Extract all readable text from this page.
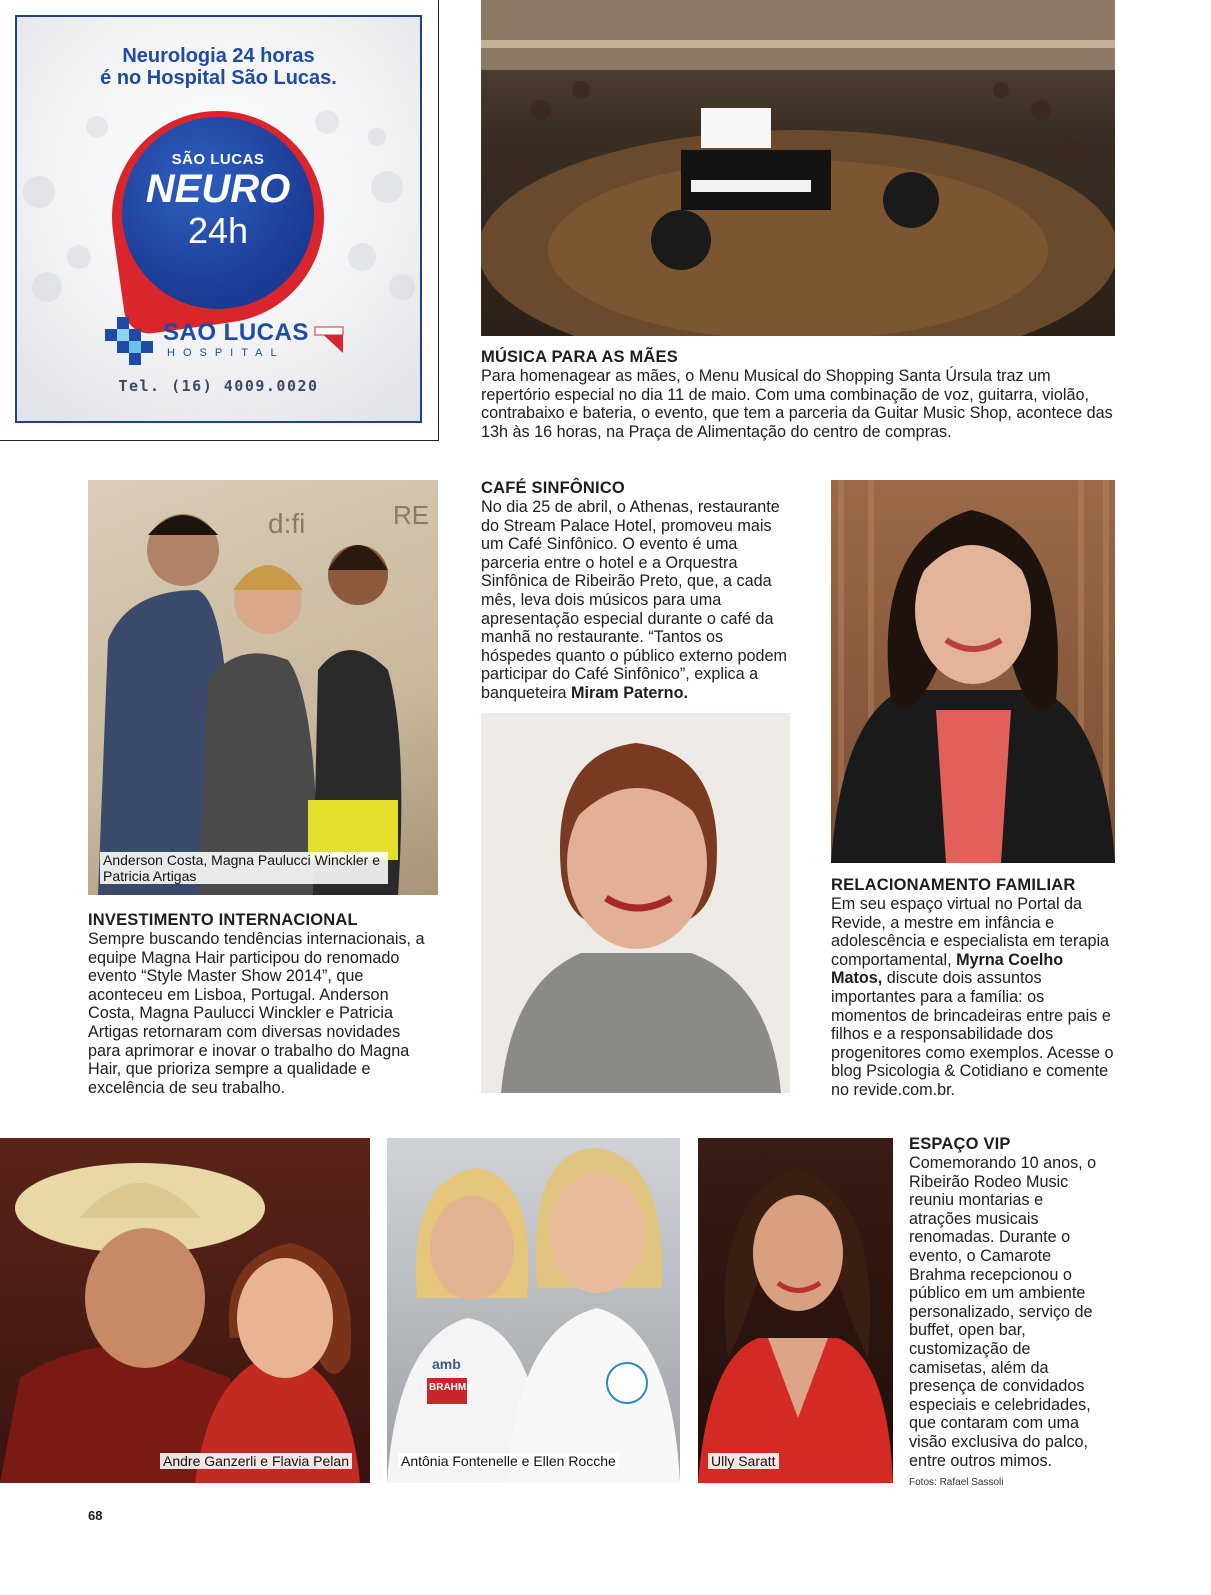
Neurologia 24 horas
é no Hospital São Lucas.
SÃO LUCAS
NEURO
24h
SAO LUCAS
HOSPITAL
Tel. (16) 4009.0020
MÚSICA PARA AS MÃES

Para homenagear as mães, o Menu Musical do Shopping Santa Úrsula traz um repertório especial no dia 11 de maio. Com uma combinação de voz, guitarra, violão, contrabaixo e bateria, o evento, que tem a parceria da Guitar Music Shop, acontece das 13h às 16 horas, na Praça de Alimentação do centro de compras.

d:fi	RE
Anderson Costa, Magna Paulucci Winckler e Patricia Artigas
INVESTIMENTO INTERNACIONAL

Sempre buscando tendências internacionais, a equipe Magna Hair participou do renomado evento “Style Master Show 2014”, que aconteceu em Lisboa, Portugal. Anderson Costa, Magna Paulucci Winckler e Patricia Artigas retornaram com diversas novidades para aprimorar e inovar o trabalho do Magna Hair, que prioriza sempre a qualidade e excelência de seu trabalho.

CAFÉ SINFÔNICO

No dia 25 de abril, o Athenas, restaurante do Stream Palace Hotel, promoveu mais um Café Sinfônico. O evento é uma parceria entre o hotel e a Orquestra Sinfônica de Ribeirão Preto, que, a cada mês, leva dois músicos para uma apresentação especial durante o café da manhã no restaurante. “Tantos os hóspedes quanto o público externo podem participar do Café Sinfônico”, explica a banqueteira Miram Paterno.

RELACIONAMENTO FAMILIAR

Em seu espaço virtual no Portal da Revide, a mestre em infância e adolescência e especialista em terapia comportamental, Myrna Coelho Matos, discute dois assuntos importantes para a família: os momentos de brincadeiras entre pais e filhos e a responsabilidade dos progenitores como exemplos. Acesse o blog Psicologia & Cotidiano e comente no revide.com.br.

Andre Ganzerli e Flavia Pelan
amb
BRAHMA
Antônia Fontenelle e Ellen Rocche	Ully Saratt
ESPAÇO VIP

Comemorando 10 anos, o Ribeirão Rodeo Music reuniu montarias e atrações musicais renomadas. Durante o evento, o Camarote Brahma recepcionou o público em um ambiente personalizado, serviço de buffet, open bar, customização de camisetas, além da presença de convidados especiais e celebridades, que contaram com uma visão exclusiva do palco, entre outros mimos.

Fotos: Rafael Sassoli
68
